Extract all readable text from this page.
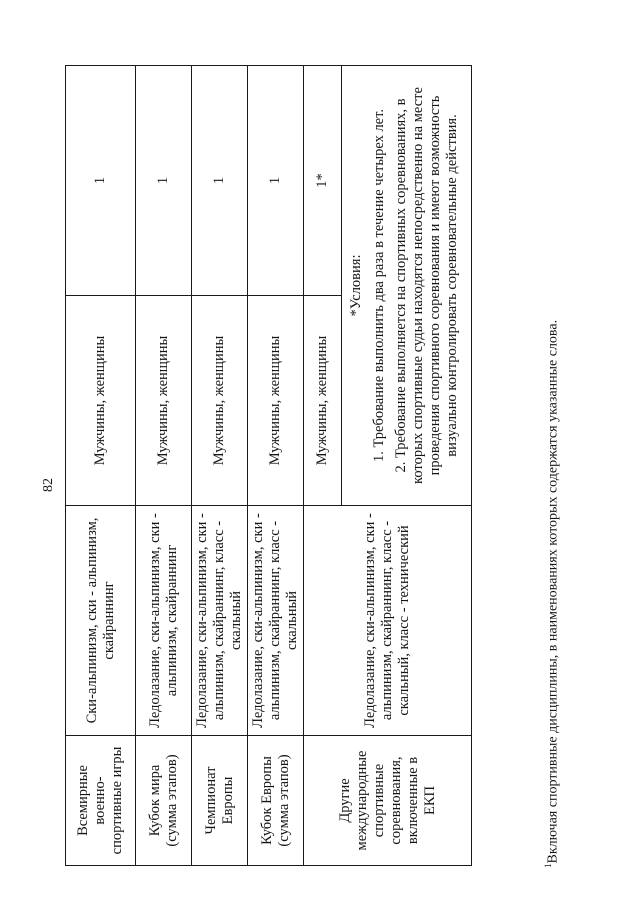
82
Всемирные военно-спортивные игры	Ски-альпинизм, ски - альпинизм, скайраннинг	Мужчины, женщины	1
Кубок мира (сумма этапов)	Ледолазание, ски-альпинизм, ски - альпинизм, скайраннинг	Мужчины, женщины	1
Чемпионат Европы	Ледолазание, ски-альпинизм, ски - альпинизм, скайраннинг, класс - скальный	Мужчины, женщины	1
Кубок Европы (сумма этапов)	Ледолазание, ски-альпинизм, ски - альпинизм, скайраннинг, класс - скальный	Мужчины, женщины	1
Другие международные спортивные соревнования, включенные в ЕКП	Ледолазание, ски-альпинизм, ски - альпинизм, скайраннинг, класс - скальный, класс - технический	Мужчины, женщины	1*

		*Условия: 1. Требование выполнить два раза в течение четырех лет. 2. Требование выполняется на спортивных соревнованиях, в которых спортивные судьи находятся непосредственно на месте проведения спортивного соревнования и имеют возможность визуально контролировать соревновательные действия.	
$^1$Включая спортивные дисциплины, в наименованиях которых содержатся указанные слова.
